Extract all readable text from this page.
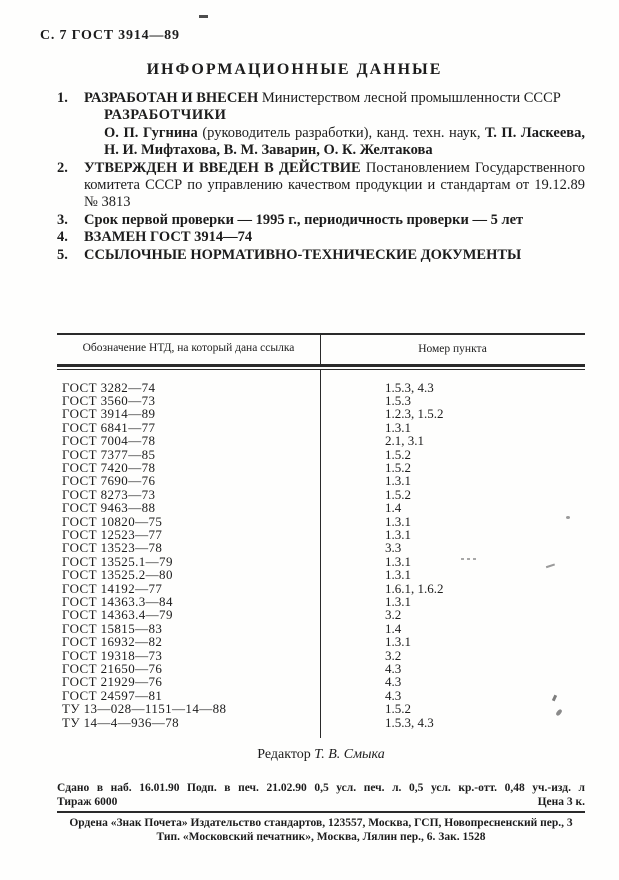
С. 7 ГОСТ 3914—89
ИНФОРМАЦИОННЫЕ ДАННЫЕ
1.	РАЗРАБОТАН И ВНЕСЕН Министерством лесной промышленности СССР
РАЗРАБОТЧИКИ
О. П. Гугнина (руководитель разработки), канд. техн. наук, Т. П. Ласкеева, Н. И. Мифтахова, В. М. Заварин, О. К. Желтакова
2.	УТВЕРЖДЕН И ВВЕДЕН В ДЕЙСТВИЕ Постановлением Государственного комитета СССР по управлению качеством продукции и стандартам от 19.12.89 № 3813
3.	Срок первой проверки — 1995 г., периодичность проверки — 5 лет
4.	ВЗАМЕН ГОСТ 3914—74
5.	ССЫЛОЧНЫЕ НОРМАТИВНО-ТЕХНИЧЕСКИЕ ДОКУМЕНТЫ
Обозначение НТД, на который дана ссылка	Номер пункта
ГОСТ 3282—74	1.5.3, 4.3
ГОСТ 3560—73	1.5.3
ГОСТ 3914—89	1.2.3, 1.5.2
ГОСТ 6841—77	1.3.1
ГОСТ 7004—78	2.1, 3.1
ГОСТ 7377—85	1.5.2
ГОСТ 7420—78	1.5.2
ГОСТ 7690—76	1.3.1
ГОСТ 8273—73	1.5.2
ГОСТ 9463—88	1.4
ГОСТ 10820—75	1.3.1
ГОСТ 12523—77	1.3.1
ГОСТ 13523—78	3.3
ГОСТ 13525.1—79	1.3.1
ГОСТ 13525.2—80	1.3.1
ГОСТ 14192—77	1.6.1, 1.6.2
ГОСТ 14363.3—84	1.3.1
ГОСТ 14363.4—79	3.2
ГОСТ 15815—83	1.4
ГОСТ 16932—82	1.3.1
ГОСТ 19318—73	3.2
ГОСТ 21650—76	4.3
ГОСТ 21929—76	4.3
ГОСТ 24597—81	4.3
ТУ 13—028—1151—14—88	1.5.2
ТУ 14—4—936—78	1.5.3, 4.3
Редактор Т. В. Смыка
Сдано в наб. 16.01.90 Подп. в печ. 21.02.90 0,5 усл. печ. л. 0,5 усл. кр.-отт. 0,48 уч.-изд. л
Тираж 6000	Цена 3 к.
Ордена «Знак Почета» Издательство стандартов, 123557, Москва, ГСП, Новопресненский пер., 3
Тип. «Московский печатник», Москва, Лялин пер., 6. Зак. 1528
